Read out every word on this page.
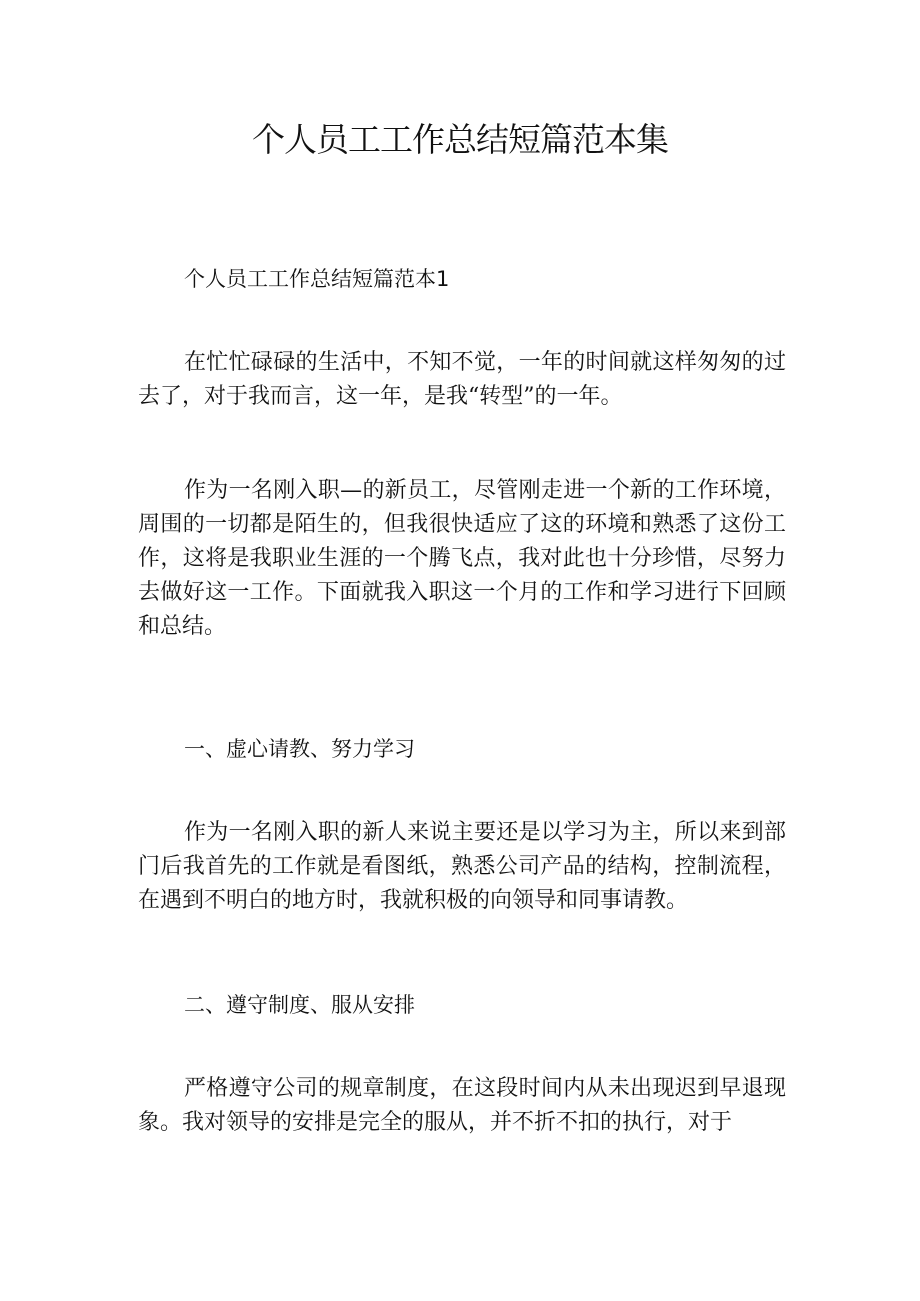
个人员工工作总结短篇范本集

个人员工工作总结短篇范本1

在忙忙碌碌的生活中，不知不觉，一年的时间就这样匆匆的过去了，对于我而言，这一年，是我“转型”的一年。

作为一名刚入职—的新员工，尽管刚走进一个新的工作环境，周围的一切都是陌生的，但我很快适应了这的环境和熟悉了这份工作，这将是我职业生涯的一个腾飞点，我对此也十分珍惜，尽努力去做好这一工作。下面就我入职这一个月的工作和学习进行下回顾和总结。

一、虚心请教、努力学习

作为一名刚入职的新人来说主要还是以学习为主，所以来到部门后我首先的工作就是看图纸，熟悉公司产品的结构，控制流程，在遇到不明白的地方时，我就积极的向领导和同事请教。

二、遵守制度、服从安排

严格遵守公司的规章制度，在这段时间内从未出现迟到早退现象。我对领导的安排是完全的服从，并不折不扣的执行，对于
